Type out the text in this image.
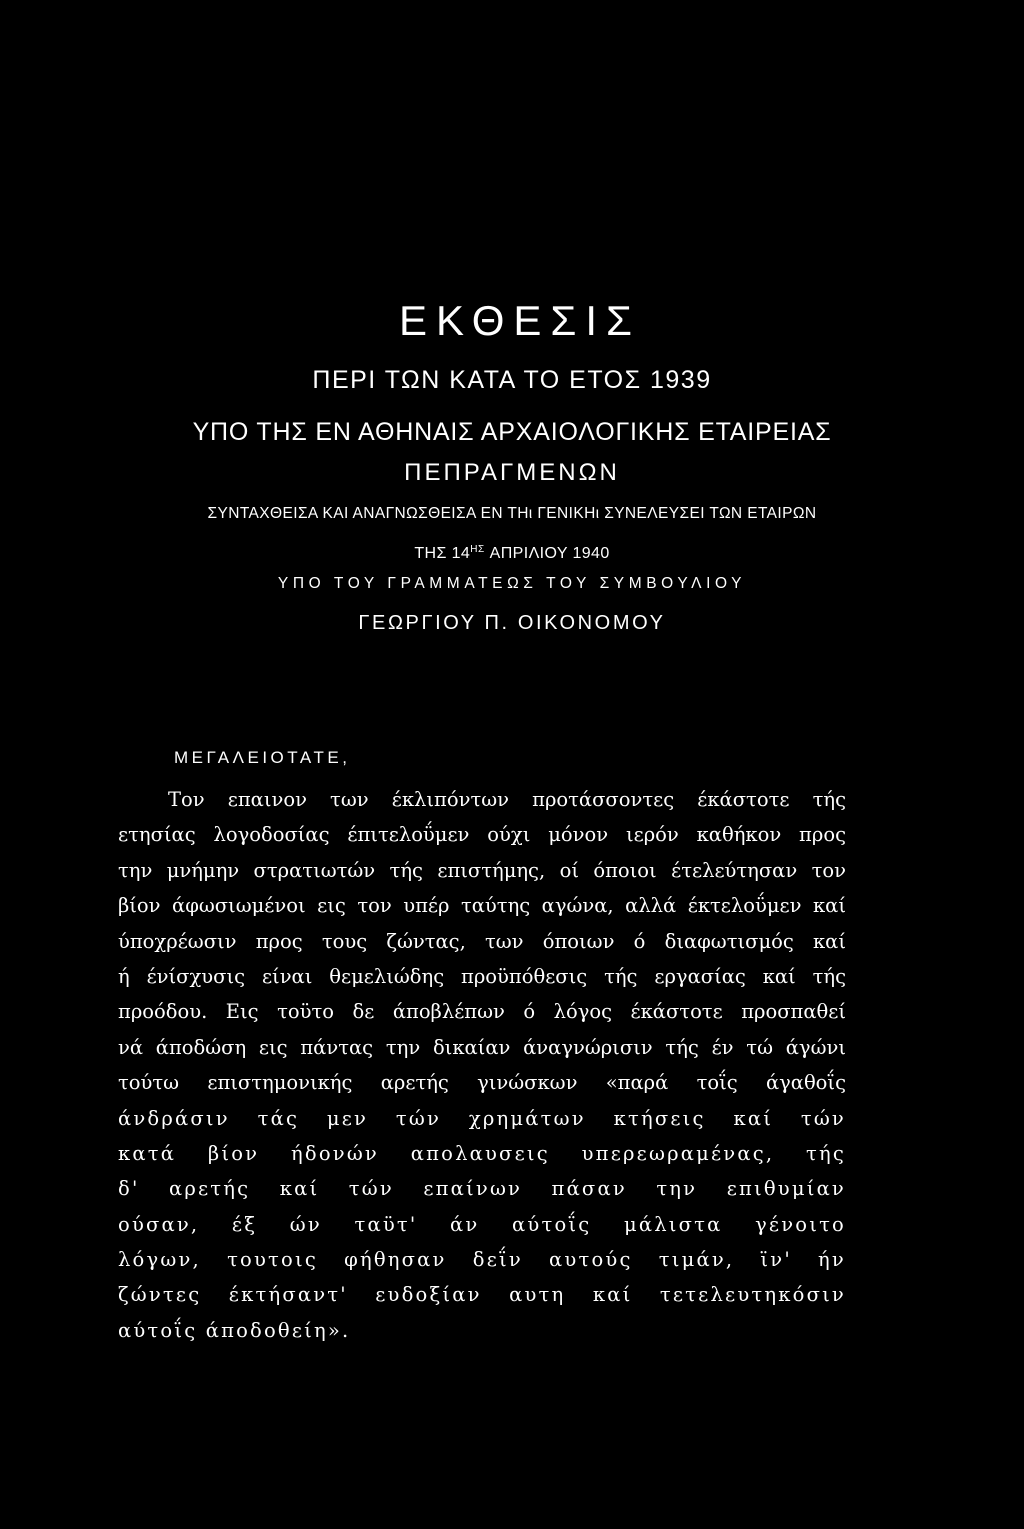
ΕΚΘΕΣΙΣ
ΠΕΡΙ ΤΩΝ ΚΑΤΑ ΤΟ ΕΤΟΣ 1939
ΥΠΟ ΤΗΣ ΕΝ ΑΘΗΝΑΙΣ ΑΡΧΑΙΟΛΟΓΙΚΗΣ ΕΤΑΙΡΕΙΑΣ
ΠΕΠΡΑΓΜΕΝΩΝ
ΣΥΝΤΑΧΘΕΙΣΑ ΚΑΙ ΑΝΑΓΝΩΣΘΕΙΣΑ ΕΝ ΤΗι ΓΕΝΙΚΗι ΣΥΝΕΛΕΥΣΕΙ ΤΩΝ ΕΤΑΙΡΩΝ
ΤΗΣ $14^{H\Sigma}$ ΑΠΡΙΛΙΟΥ 1940
ΥΠΟ ΤΟΥ ΓΡΑΜΜΑΤΕΩΣ ΤΟΥ ΣΥΜΒΟΥΛΙΟΥ
ΓΕΩΡΓΙΟΥ Π. ΟΙΚΟΝΟΜΟΥ
ΜΕΓΑΛΕΙΟΤΑΤΕ,
Τον επαινον των έκλιπόντων προτάσσοντες έκάστοτε τής
ετησίας λογοδοσίας έπιτελοΰμεν ούχι μόνον ιερόν καθήκον προς
την μνήμην στρατιωτών τής επιστήμης, οί όποιοι έτελεύτησαν τον
βίον άφωσιωμένοι εις τον υπέρ ταύτης αγώνα, αλλά έκτελοΰμεν καί
ύποχρέωσιν προς τους ζώντας, των όποιων ό διαφωτισμός καί
ή ένίσχυσις είναι θεμελιώδης προϋπόθεσις τής εργασίας καί τής
προόδου. Εις τοϋτο δε άποβλέπων ό λόγος έκάστοτε προσπαθεί
νά άποδώση εις πάντας την δικαίαν άναγνώρισιν τής έν τώ άγώνι
τούτω επιστημονικής αρετής γινώσκων «παρά τοΐς άγαθοΐς
άνδράσιν τάς μεν τών χρημάτων κτήσεις καί τών
κατά βίον ήδονών απολαυσεις υπερεωραμένας, τής
δ' αρετής καί τών επαίνων πάσαν την επιθυμίαν
ούσαν, έξ ών ταϋτ' άν αύτοΐς μάλιστα γένοιτο
λόγων, τουτοις φήθησαν δεΐν αυτούς τιμάν, ϊν' ήν
ζώντες έκτήσαντ' ευδοξίαν αυτη καί τετελευτηκόσιν
αύτοΐς άποδοθείη».
